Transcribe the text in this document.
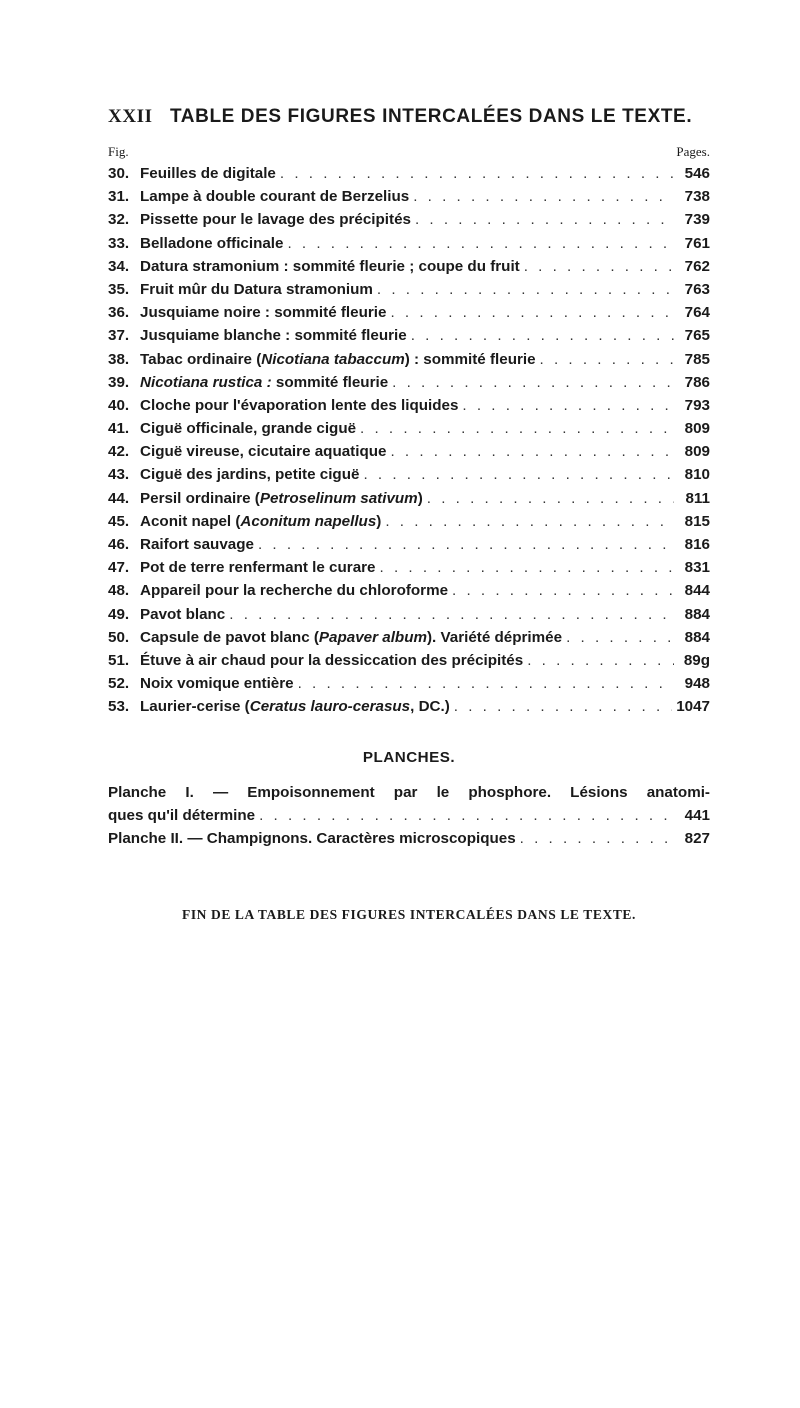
XXII TABLE DES FIGURES INTERCALÉES DANS LE TEXTE.
Fig.	Pages.
30. Feuilles de digitale . . .	546
31. Lampe à double courant de Berzelius . . .	738
32. Pissette pour le lavage des précipités . . .	739
33. Belladone officinale . . .	761
34. Datura stramonium : sommité fleurie ; coupe du fruit . . .	762
35. Fruit mûr du Datura stramonium . . .	763
36. Jusquiame noire : sommité fleurie . . .	764
37. Jusquiame blanche : sommité fleurie . . .	765
38. Tabac ordinaire (Nicotiana tabaccum) : sommité fleurie . . .	785
39. Nicotiana rustica : sommité fleurie . . .	786
40. Cloche pour l'évaporation lente des liquides . . .	793
41. Ciguë officinale, grande ciguë . . .	809
42. Ciguë vireuse, cicutaire aquatique . . .	809
43. Ciguë des jardins, petite ciguë . . .	810
44. Persil ordinaire (Petroselinum sativum) . . .	811
45. Aconit napel (Aconitum napellus) . . .	815
46. Raifort sauvage . . .	816
47. Pot de terre renfermant le curare . . .	831
48. Appareil pour la recherche du chloroforme . . .	844
49. Pavot blanc . . .	884
50. Capsule de pavot blanc (Papaver album). Variété déprimée . . .	884
51. Étuve à air chaud pour la dessiccation des précipités . . .	89g
52. Noix vomique entière . . .	948
53. Laurier-cerise (Ceratus lauro-cerasus, DC.) . . .	1047
PLANCHES.
Planche I. — Empoisonnement par le phosphore. Lésions anatomi-
ques qu'il détermine . . .	441
Planche II. — Champignons. Caractères microscopiques . . .	827
FIN DE LA TABLE DES FIGURES INTERCALÉES DANS LE TEXTE.
